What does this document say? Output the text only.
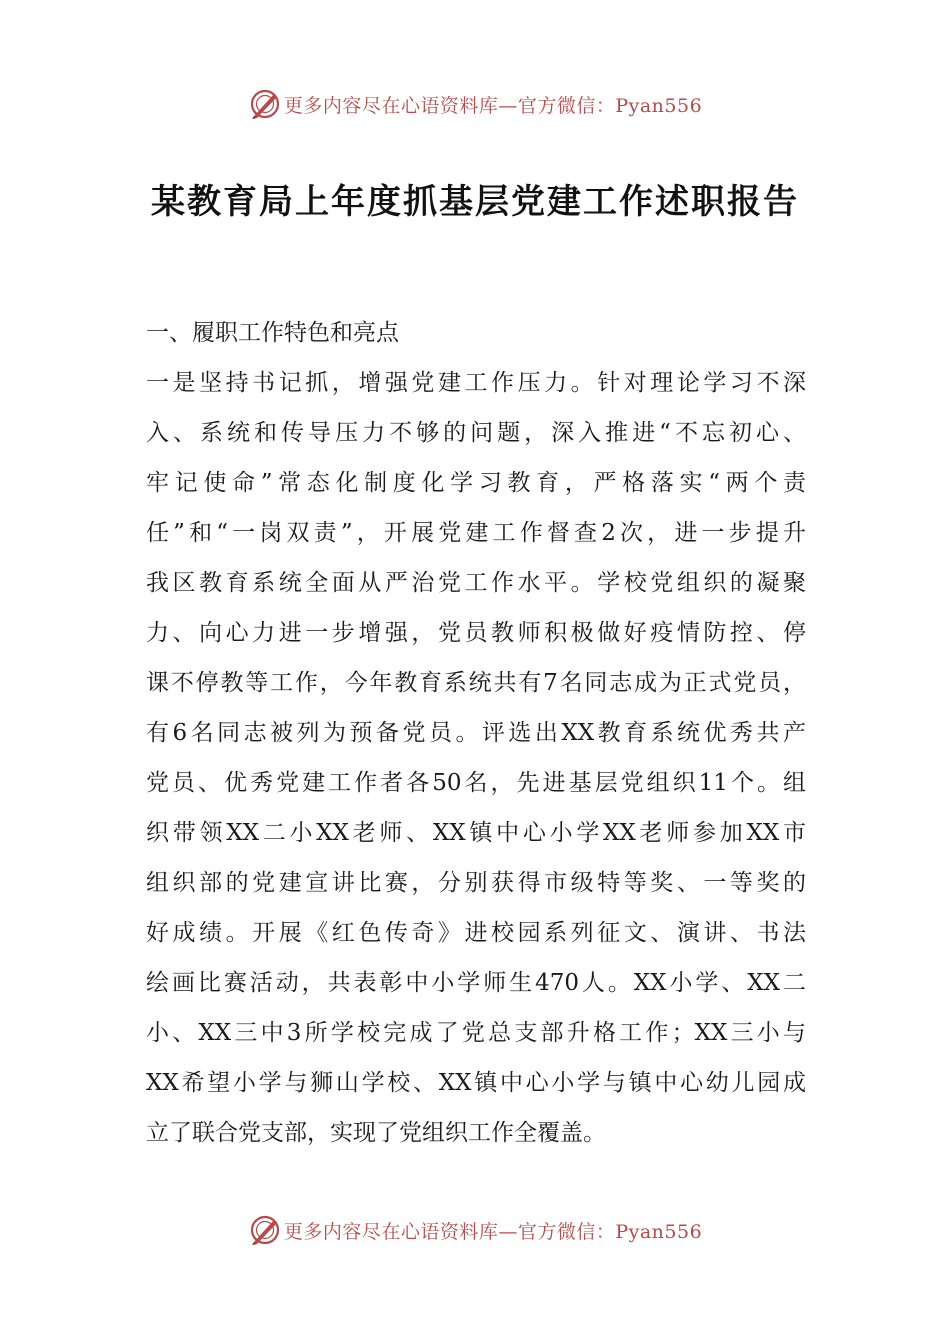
更多内容尽在心语资料库—官方微信：Pyan556
某教育局上年度抓基层党建工作述职报告
一、履职工作特色和亮点
一是坚持书记抓，增强党建工作压力。针对理论学习不深
入、系统和传导压力不够的问题，深入推进“不忘初心、
牢记使命”常态化制度化学习教育，严格落实“两个责
任”和“一岗双责”，开展党建工作督查2次，进一步提升
我区教育系统全面从严治党工作水平。学校党组织的凝聚
力、向心力进一步增强，党员教师积极做好疫情防控、停
课不停教等工作，今年教育系统共有7名同志成为正式党员，
有6名同志被列为预备党员。评选出XX教育系统优秀共产
党员、优秀党建工作者各50名，先进基层党组织11个。组
织带领XX二小XX老师、XX镇中心小学XX老师参加XX市
组织部的党建宣讲比赛，分别获得市级特等奖、一等奖的
好成绩。开展《红色传奇》进校园系列征文、演讲、书法
绘画比赛活动，共表彰中小学师生470人。XX小学、XX二
小、XX三中3所学校完成了党总支部升格工作；XX三小与
XX希望小学与狮山学校、XX镇中心小学与镇中心幼儿园成
立了联合党支部，实现了党组织工作全覆盖。
更多内容尽在心语资料库—官方微信：Pyan556
